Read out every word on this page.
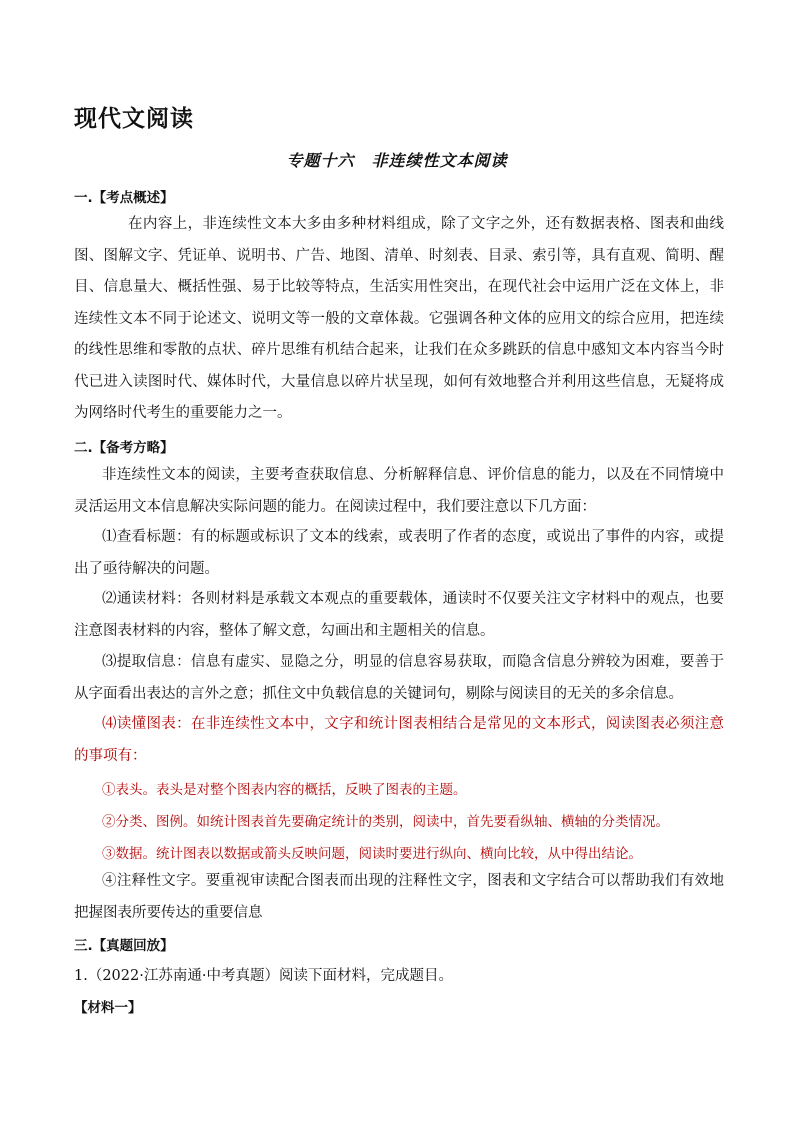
现代文阅读
专题十六　非连续性文本阅读
一.【考点概述】

在内容上，非连续性文本大多由多种材料组成，除了文字之外，还有数据表格、图表和曲线图、图解文字、凭证单、说明书、广告、地图、清单、时刻表、目录、索引等，具有直观、简明、醒目、信息量大、概括性强、易于比较等特点，生活实用性突出，在现代社会中运用广泛在文体上，非连续性文本不同于论述文、说明文等一般的文章体裁。它强调各种文体的应用文的综合应用，把连续的线性思维和零散的点状、碎片思维有机结合起来，让我们在众多跳跃的信息中感知文本内容当今时代已进入读图时代、媒体时代，大量信息以碎片状呈现，如何有效地整合并利用这些信息，无疑将成为网络时代考生的重要能力之一。

二.【备考方略】

非连续性文本的阅读，主要考查获取信息、分析解释信息、评价信息的能力，以及在不同情境中灵活运用文本信息解决实际问题的能力。在阅读过程中，我们要注意以下几方面：

⑴查看标题：有的标题或标识了文本的线索，或表明了作者的态度，或说出了事件的内容，或提出了亟待解决的问题。

⑵通读材料：各则材料是承载文本观点的重要载体，通读时不仅要关注文字材料中的观点，也要注意图表材料的内容，整体了解文意，勾画出和主题相关的信息。

⑶提取信息：信息有虚实、显隐之分，明显的信息容易获取，而隐含信息分辨较为困难，要善于从字面看出表达的言外之意；抓住文中负载信息的关键词句，剔除与阅读目的无关的多余信息。

⑷读懂图表：在非连续性文本中，文字和统计图表相结合是常见的文本形式，阅读图表必须注意的事项有：

①表头。表头是对整个图表内容的概括，反映了图表的主题。
②分类、图例。如统计图表首先要确定统计的类别，阅读中，首先要看纵轴、横轴的分类情况。
③数据。统计图表以数据或箭头反映问题，阅读时要进行纵向、横向比较，从中得出结论。

④注释性文字。要重视审读配合图表而出现的注释性文字，图表和文字结合可以帮助我们有效地把握图表所要传达的重要信息

三.【真题回放】
1.（2022·江苏南通·中考真题）阅读下面材料，完成题目。
【材料一】
